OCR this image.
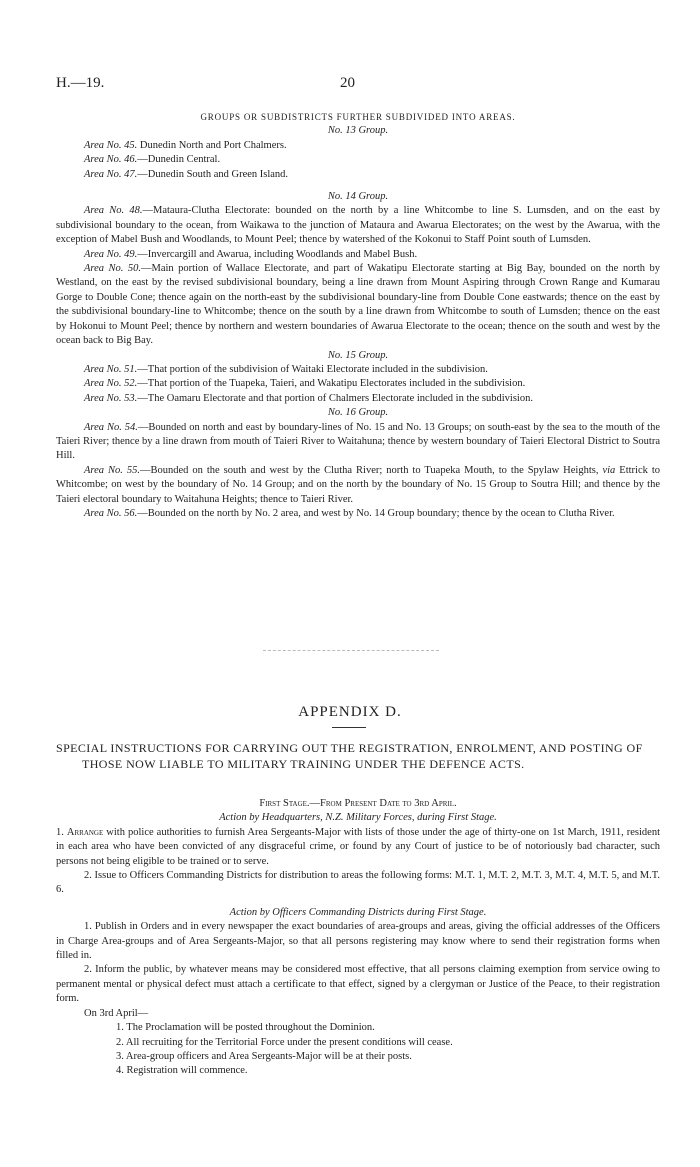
H.—19.	20

GROUPS OR SUBDISTRICTS FURTHER SUBDIVIDED INTO AREAS.

No. 13 Group.

Area No. 45. Dunedin North and Port Chalmers.

Area No. 46.—Dunedin Central.

Area No. 47.—Dunedin South and Green Island.

No. 14 Group.

Area No. 48.—Mataura-Clutha Electorate: bounded on the north by a line Whitcombe to line S. Lumsden, and on the east by subdivisional boundary to the ocean, from Waikawa to the junction of Mataura and Awarua Electorates; on the west by the Awarua, with the exception of Mabel Bush and Woodlands, to Mount Peel; thence by watershed of the Kokonui to Staff Point south of Lumsden.

Area No. 49.—Invercargill and Awarua, including Woodlands and Mabel Bush.

Area No. 50.—Main portion of Wallace Electorate, and part of Wakatipu Electorate starting at Big Bay, bounded on the north by Westland, on the east by the revised subdivisional boundary, being a line drawn from Mount Aspiring through Crown Range and Kumarau Gorge to Double Cone; thence again on the north-east by the subdivisional boundary-line from Double Cone eastwards; thence on the east by the subdivisional boundary-line to Whitcombe; thence on the south by a line drawn from Whitcombe to south of Lumsden; thence on the east by Hokonui to Mount Peel; thence by northern and western boundaries of Awarua Electorate to the ocean; thence on the south and west by the ocean back to Big Bay.

No. 15 Group.

Area No. 51.—That portion of the subdivision of Waitaki Electorate included in the subdivision.

Area No. 52.—That portion of the Tuapeka, Taieri, and Wakatipu Electorates included in the subdivision.

Area No. 53.—The Oamaru Electorate and that portion of Chalmers Electorate included in the subdivision.

No. 16 Group.

Area No. 54.—Bounded on north and east by boundary-lines of No. 15 and No. 13 Groups; on south-east by the sea to the mouth of the Taieri River; thence by a line drawn from mouth of Taieri River to Waitahuna; thence by western boundary of Taieri Electoral District to Soutra Hill.

Area No. 55.—Bounded on the south and west by the Clutha River; north to Tuapeka Mouth, to the Spylaw Heights, via Ettrick to Whitcombe; on west by the boundary of No. 14 Group; and on the north by the boundary of No. 15 Group to Soutra Hill; and thence by the Taieri electoral boundary to Waitahuna Heights; thence to Taieri River.

Area No. 56.—Bounded on the north by No. 2 area, and west by No. 14 Group boundary; thence by the ocean to Clutha River.

APPENDIX D.

SPECIAL INSTRUCTIONS FOR CARRYING OUT THE REGISTRATION, ENROLMENT, AND POSTING OF THOSE NOW LIABLE TO MILITARY TRAINING UNDER THE DEFENCE ACTS.

First Stage.—From Present Date to 3rd April.

Action by Headquarters, N.Z. Military Forces, during First Stage.

1. Arrange with police authorities to furnish Area Sergeants-Major with lists of those under the age of thirty-one on 1st March, 1911, resident in each area who have been convicted of any disgraceful crime, or found by any Court of justice to be of notoriously bad character, such persons not being eligible to be trained or to serve.

2. Issue to Officers Commanding Districts for distribution to areas the following forms: M.T. 1, M.T. 2, M.T. 3, M.T. 4, M.T. 5, and M.T. 6.

Action by Officers Commanding Districts during First Stage.

1. Publish in Orders and in every newspaper the exact boundaries of area-groups and areas, giving the official addresses of the Officers in Charge Area-groups and of Area Sergeants-Major, so that all persons registering may know where to send their registration forms when filled in.

2. Inform the public, by whatever means may be considered most effective, that all persons claiming exemption from service owing to permanent mental or physical defect must attach a certificate to that effect, signed by a clergyman or Justice of the Peace, to their registration form.

On 3rd April—

1. The Proclamation will be posted throughout the Dominion.

2. All recruiting for the Territorial Force under the present conditions will cease.

3. Area-group officers and Area Sergeants-Major will be at their posts.

4. Registration will commence.
